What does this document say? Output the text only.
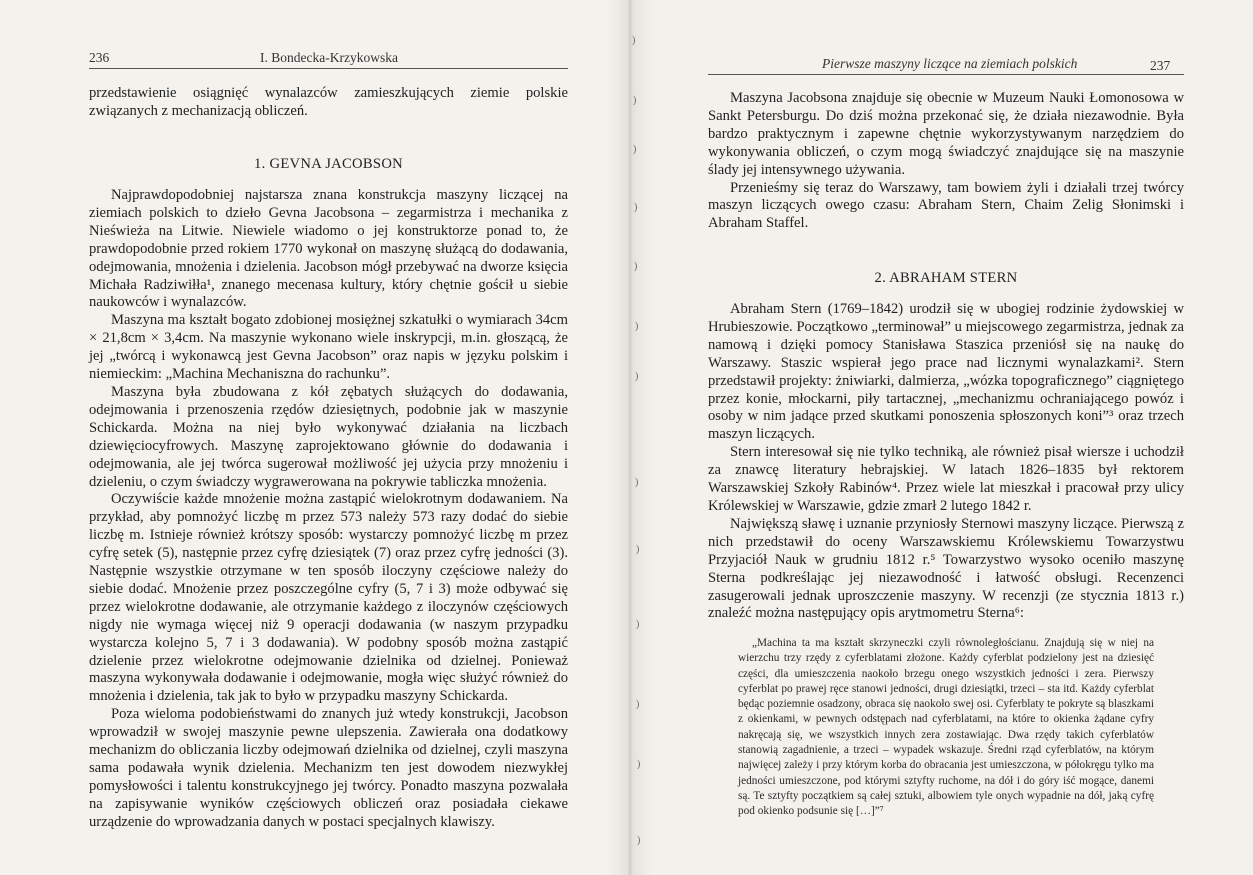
236	I. Bondecka-Krzykowska

przedstawienie osiągnięć wynalazców zamieszkujących ziemie polskie związanych z mechanizacją obliczeń.

1. GEVNA JACOBSON

Najprawdopodobniej najstarsza znana konstrukcja maszyny liczącej na ziemiach polskich to dzieło Gevna Jacobsona – zegarmistrza i mechanika z Nieświeża na Litwie. Niewiele wiadomo o jej konstruktorze ponad to, że prawdopodobnie przed rokiem 1770 wykonał on maszynę służącą do dodawania, odejmowania, mnożenia i dzielenia. Jacobson mógł przebywać na dworze księcia Michała Radziwiłła¹, znanego mecenasa kultury, który chętnie gościł u siebie naukowców i wynalazców.

Maszyna ma kształt bogato zdobionej mosiężnej szkatułki o wymiarach 34cm × 21,8cm × 3,4cm. Na maszynie wykonano wiele inskrypcji, m.in. głoszącą, że jej „twórcą i wykonawcą jest Gevna Jacobson” oraz napis w języku polskim i niemieckim: „Machina Mechaniszna do rachunku”.

Maszyna była zbudowana z kół zębatych służących do dodawania, odejmowania i przenoszenia rzędów dziesiętnych, podobnie jak w maszynie Schickarda. Można na niej było wykonywać działania na liczbach dziewięciocyfrowych. Maszynę zaprojektowano głównie do dodawania i odejmowania, ale jej twórca sugerował możliwość jej użycia przy mnożeniu i dzieleniu, o czym świadczy wygrawerowana na pokrywie tabliczka mnożenia.

Oczywiście każde mnożenie można zastąpić wielokrotnym dodawaniem. Na przykład, aby pomnożyć liczbę m przez 573 należy 573 razy dodać do siebie liczbę m. Istnieje również krótszy sposób: wystarczy pomnożyć liczbę m przez cyfrę setek (5), następnie przez cyfrę dziesiątek (7) oraz przez cyfrę jedności (3). Następnie wszystkie otrzymane w ten sposób iloczyny częściowe należy do siebie dodać. Mnożenie przez poszczególne cyfry (5, 7 i 3) może odbywać się przez wielokrotne dodawanie, ale otrzymanie każdego z iloczynów częściowych nigdy nie wymaga więcej niż 9 operacji dodawania (w naszym przypadku wystarcza kolejno 5, 7 i 3 dodawania). W podobny sposób można zastąpić dzielenie przez wielokrotne odejmowanie dzielnika od dzielnej. Ponieważ maszyna wykonywała dodawanie i odejmowanie, mogła więc służyć również do mnożenia i dzielenia, tak jak to było w przypadku maszyny Schickarda.

Poza wieloma podobieństwami do znanych już wtedy konstrukcji, Jacobson wprowadził w swojej maszynie pewne ulepszenia. Zawierała ona dodatkowy mechanizm do obliczania liczby odejmowań dzielnika od dzielnej, czyli maszyna sama podawała wynik dzielenia. Mechanizm ten jest dowodem niezwykłej pomysłowości i talentu konstrukcyjnego jej twórcy. Ponadto maszyna pozwalała na zapisywanie wyników częściowych obliczeń oraz posiadała ciekawe urządzenie do wprowadzania danych w postaci specjalnych klawiszy.

Pierwsze maszyny liczące na ziemiach polskich	237

Maszyna Jacobsona znajduje się obecnie w Muzeum Nauki Łomonosowa w Sankt Petersburgu. Do dziś można przekonać się, że działa niezawodnie. Była bardzo praktycznym i zapewne chętnie wykorzystywanym narzędziem do wykonywania obliczeń, o czym mogą świadczyć znajdujące się na maszynie ślady jej intensywnego używania.

Przenieśmy się teraz do Warszawy, tam bowiem żyli i działali trzej twórcy maszyn liczących owego czasu: Abraham Stern, Chaim Zelig Słonimski i Abraham Staffel.

2. ABRAHAM STERN

Abraham Stern (1769–1842) urodził się w ubogiej rodzinie żydowskiej w Hrubieszowie. Początkowo „terminował” u miejscowego zegarmistrza, jednak za namową i dzięki pomocy Stanisława Staszica przeniósł się na naukę do Warszawy. Staszic wspierał jego prace nad licznymi wynalazkami². Stern przedstawił projekty: żniwiarki, dalmierza, „wózka topograficznego” ciągniętego przez konie, młockarni, piły tartacznej, „mechanizmu ochraniającego powóz i osoby w nim jadące przed skutkami ponoszenia spłoszonych koni”³ oraz trzech maszyn liczących.

Stern interesował się nie tylko techniką, ale również pisał wiersze i uchodził za znawcę literatury hebrajskiej. W latach 1826–1835 był rektorem Warszawskiej Szkoły Rabinów⁴. Przez wiele lat mieszkał i pracował przy ulicy Królewskiej w Warszawie, gdzie zmarł 2 lutego 1842 r.

Największą sławę i uznanie przyniosły Sternowi maszyny liczące. Pierwszą z nich przedstawił do oceny Warszawskiemu Królewskiemu Towarzystwu Przyjaciół Nauk w grudniu 1812 r.⁵ Towarzystwo wysoko oceniło maszynę Sterna podkreślając jej niezawodność i łatwość obsługi. Recenzenci zasugerowali jednak uproszczenie maszyny. W recenzji (ze stycznia 1813 r.) znaleźć można następujący opis arytmometru Sterna⁶:

„Machina ta ma kształt skrzyneczki czyli równoległościanu. Znajdują się w niej na wierzchu trzy rzędy z cyferblatami złożone. Każdy cyferblat podzielony jest na dziesięć części, dla umieszczenia naokoło brzegu onego wszystkich jedności i zera. Pierwszy cyferblat po prawej ręce stanowi jedności, drugi dziesiątki, trzeci – sta itd. Każdy cyferblat będąc poziemnie osadzony, obraca się naokoło swej osi. Cyferblaty te pokryte są blaszkami z okienkami, w pewnych odstępach nad cyferblatami, na które to okienka żądane cyfry nakręcają się, we wszystkich innych zera zostawiając. Dwa rzędy takich cyferblatów stanowią zagadnienie, a trzeci – wypadek wskazuje. Średni rząd cyferblatów, na którym najwięcej zależy i przy którym korba do obracania jest umieszczona, w półokręgu tylko ma jedności umieszczone, pod którymi sztyfty ruchome, na dół i do góry iść mogące, danemi są. Te sztyfty początkiem są całej sztuki, albowiem tyle onych wypadnie na dół, jaką cyfrę pod okienko podsunie się […]”⁷

)
)
)
)
)
)
)
)
)
)
)
)
)
